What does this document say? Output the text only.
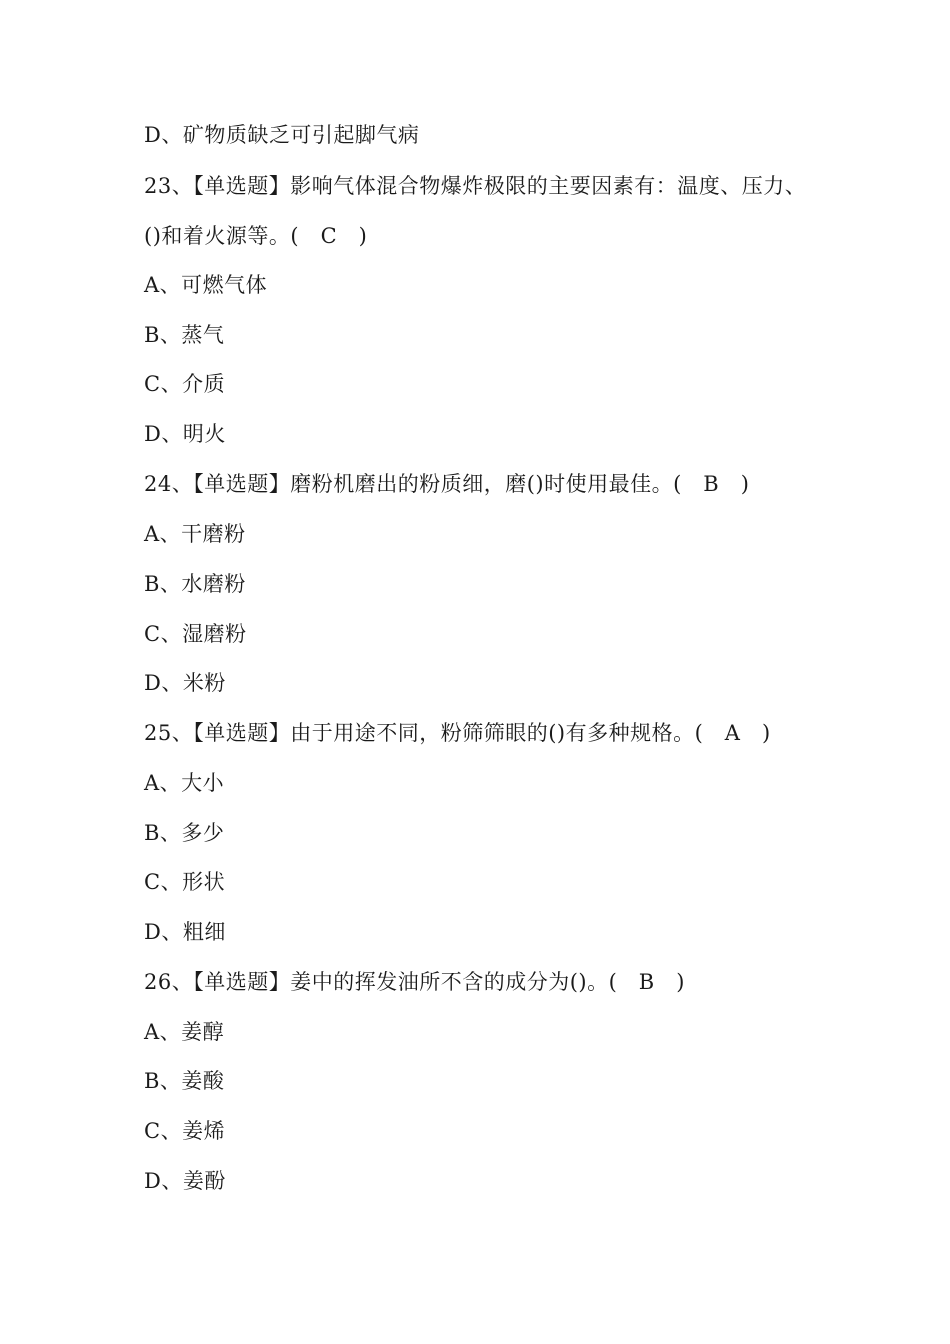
D、矿物质缺乏可引起脚气病
23、【单选题】影响气体混合物爆炸极限的主要因素有：温度、压力、
()和着火源等。(　C　)
A、可燃气体
B、蒸气
C、介质
D、明火
24、【单选题】磨粉机磨出的粉质细，磨()时使用最佳。(　B　)
A、干磨粉
B、水磨粉
C、湿磨粉
D、米粉
25、【单选题】由于用途不同，粉筛筛眼的()有多种规格。(　A　)
A、大小
B、多少
C、形状
D、粗细
26、【单选题】姜中的挥发油所不含的成分为()。(　B　)
A、姜醇
B、姜酸
C、姜烯
D、姜酚
